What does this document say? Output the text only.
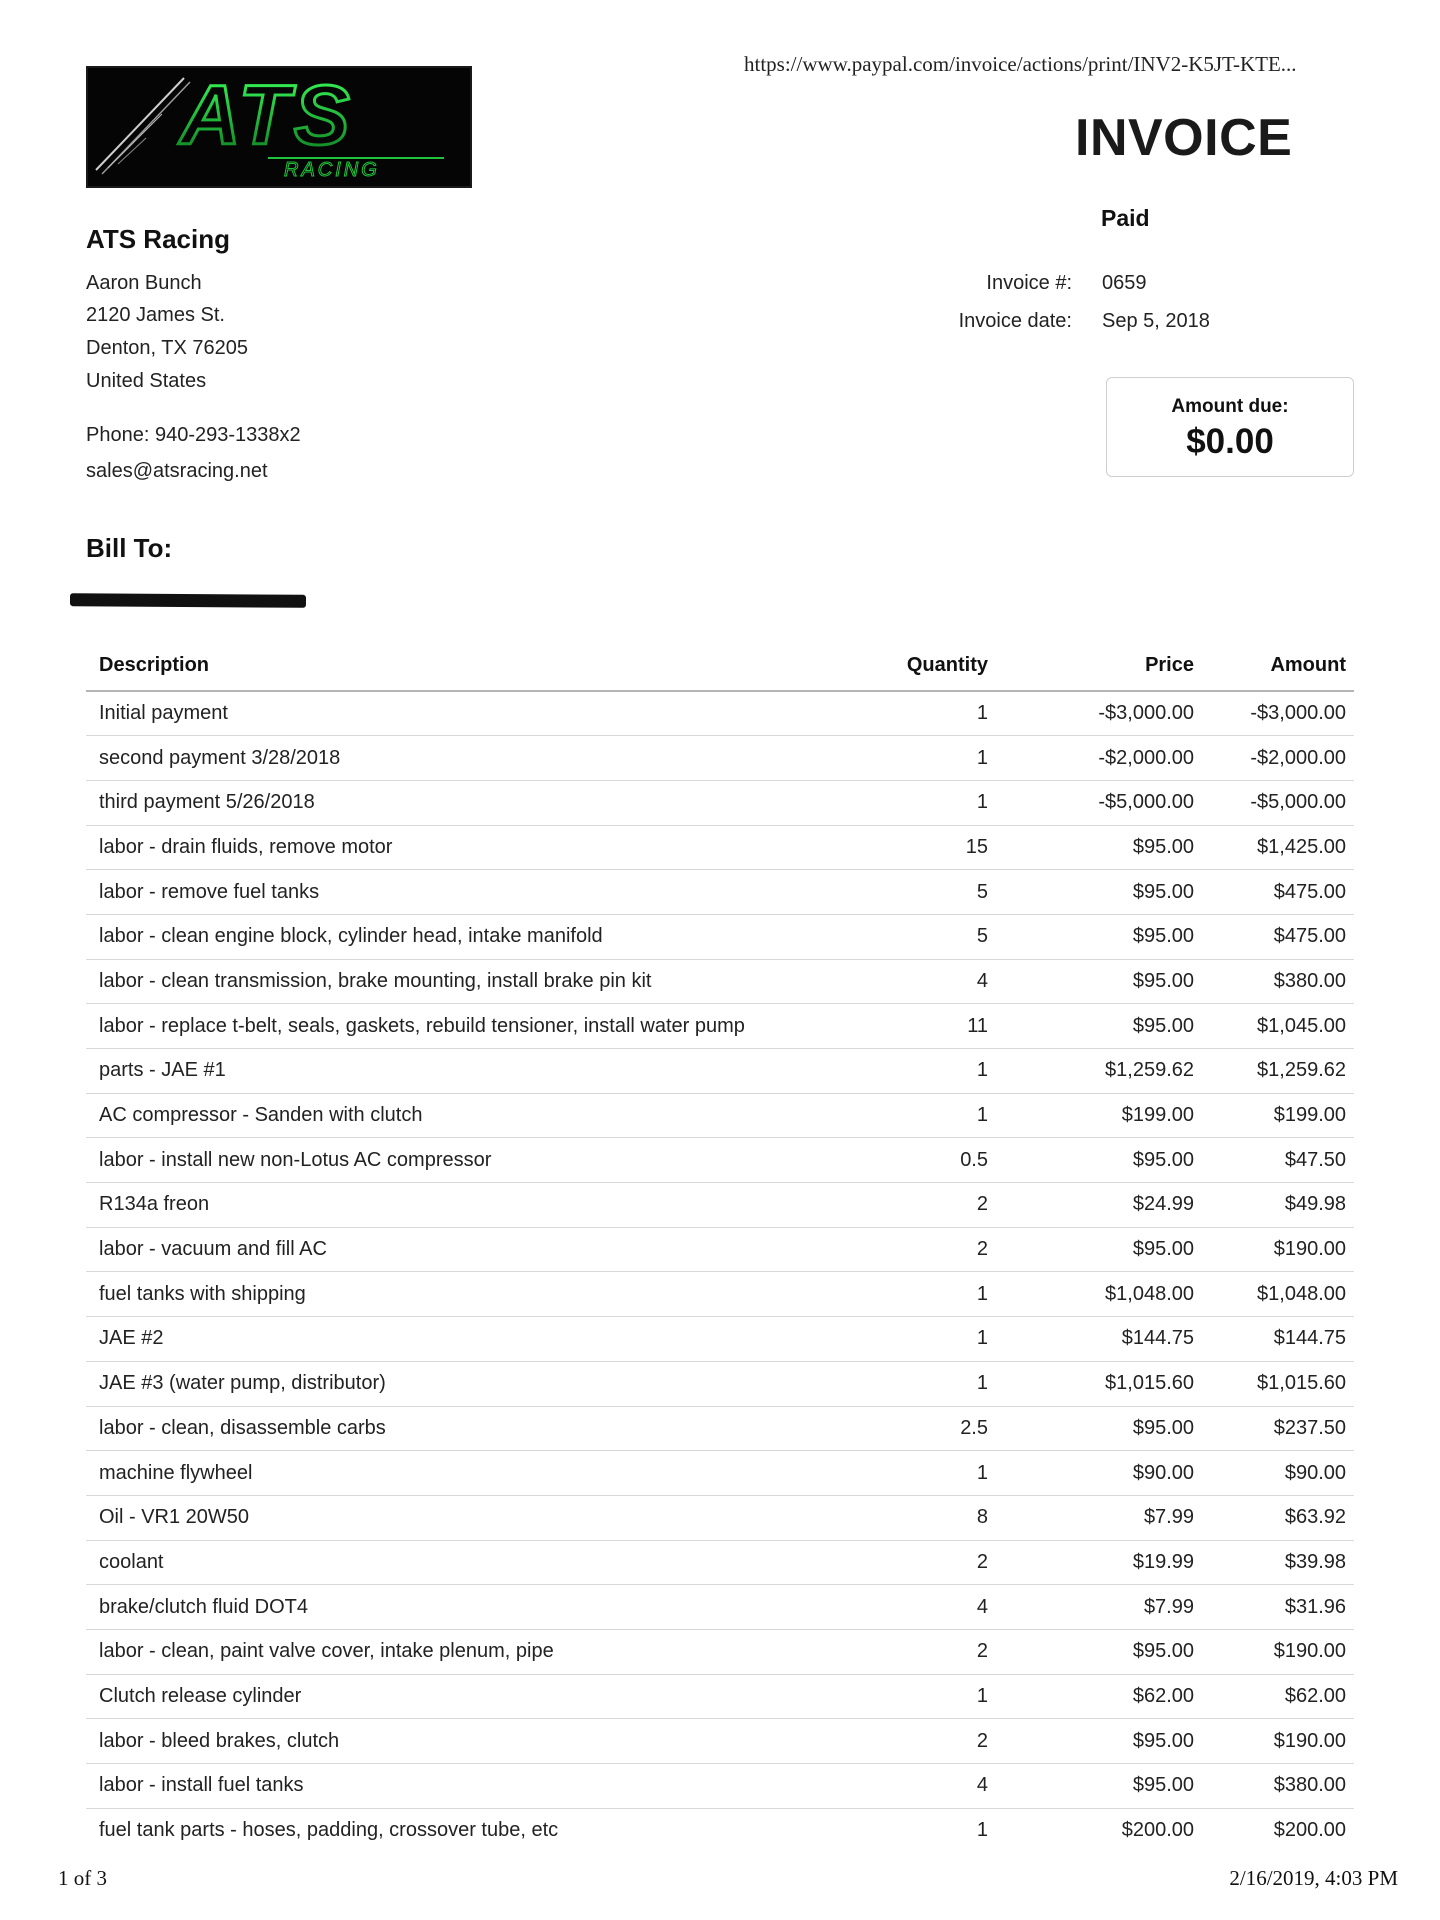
https://www.paypal.com/invoice/actions/print/INV2-K5JT-KTE...
ATS
RACING
INVOICE
Paid
Invoice #: 0659
Invoice date: Sep 5, 2018
Amount due:
$0.00
ATS Racing
Aaron Bunch
2120 James St.
Denton, TX 76205
United States
Phone: 940-293-1338x2
sales@atsracing.net
Bill To:
Description	Quantity	Price	Amount
Initial payment	1	-$3,000.00	-$3,000.00
second payment 3/28/2018	1	-$2,000.00	-$2,000.00
third payment 5/26/2018	1	-$5,000.00	-$5,000.00
labor - drain fluids, remove motor	15	$95.00	$1,425.00
labor - remove fuel tanks	5	$95.00	$475.00
labor - clean engine block, cylinder head, intake manifold	5	$95.00	$475.00
labor - clean transmission, brake mounting, install brake pin kit	4	$95.00	$380.00
labor - replace t-belt, seals, gaskets, rebuild tensioner, install water pump	11	$95.00	$1,045.00
parts - JAE #1	1	$1,259.62	$1,259.62
AC compressor - Sanden with clutch	1	$199.00	$199.00
labor - install new non-Lotus AC compressor	0.5	$95.00	$47.50
R134a freon	2	$24.99	$49.98
labor - vacuum and fill AC	2	$95.00	$190.00
fuel tanks with shipping	1	$1,048.00	$1,048.00
JAE #2	1	$144.75	$144.75
JAE #3 (water pump, distributor)	1	$1,015.60	$1,015.60
labor - clean, disassemble carbs	2.5	$95.00	$237.50
machine flywheel	1	$90.00	$90.00
Oil - VR1 20W50	8	$7.99	$63.92
coolant	2	$19.99	$39.98
brake/clutch fluid DOT4	4	$7.99	$31.96
labor - clean, paint valve cover, intake plenum, pipe	2	$95.00	$190.00
Clutch release cylinder	1	$62.00	$62.00
labor - bleed brakes, clutch	2	$95.00	$190.00
labor - install fuel tanks	4	$95.00	$380.00
fuel tank parts - hoses, padding, crossover tube, etc	1	$200.00	$200.00
1 of 3	2/16/2019, 4:03 PM
